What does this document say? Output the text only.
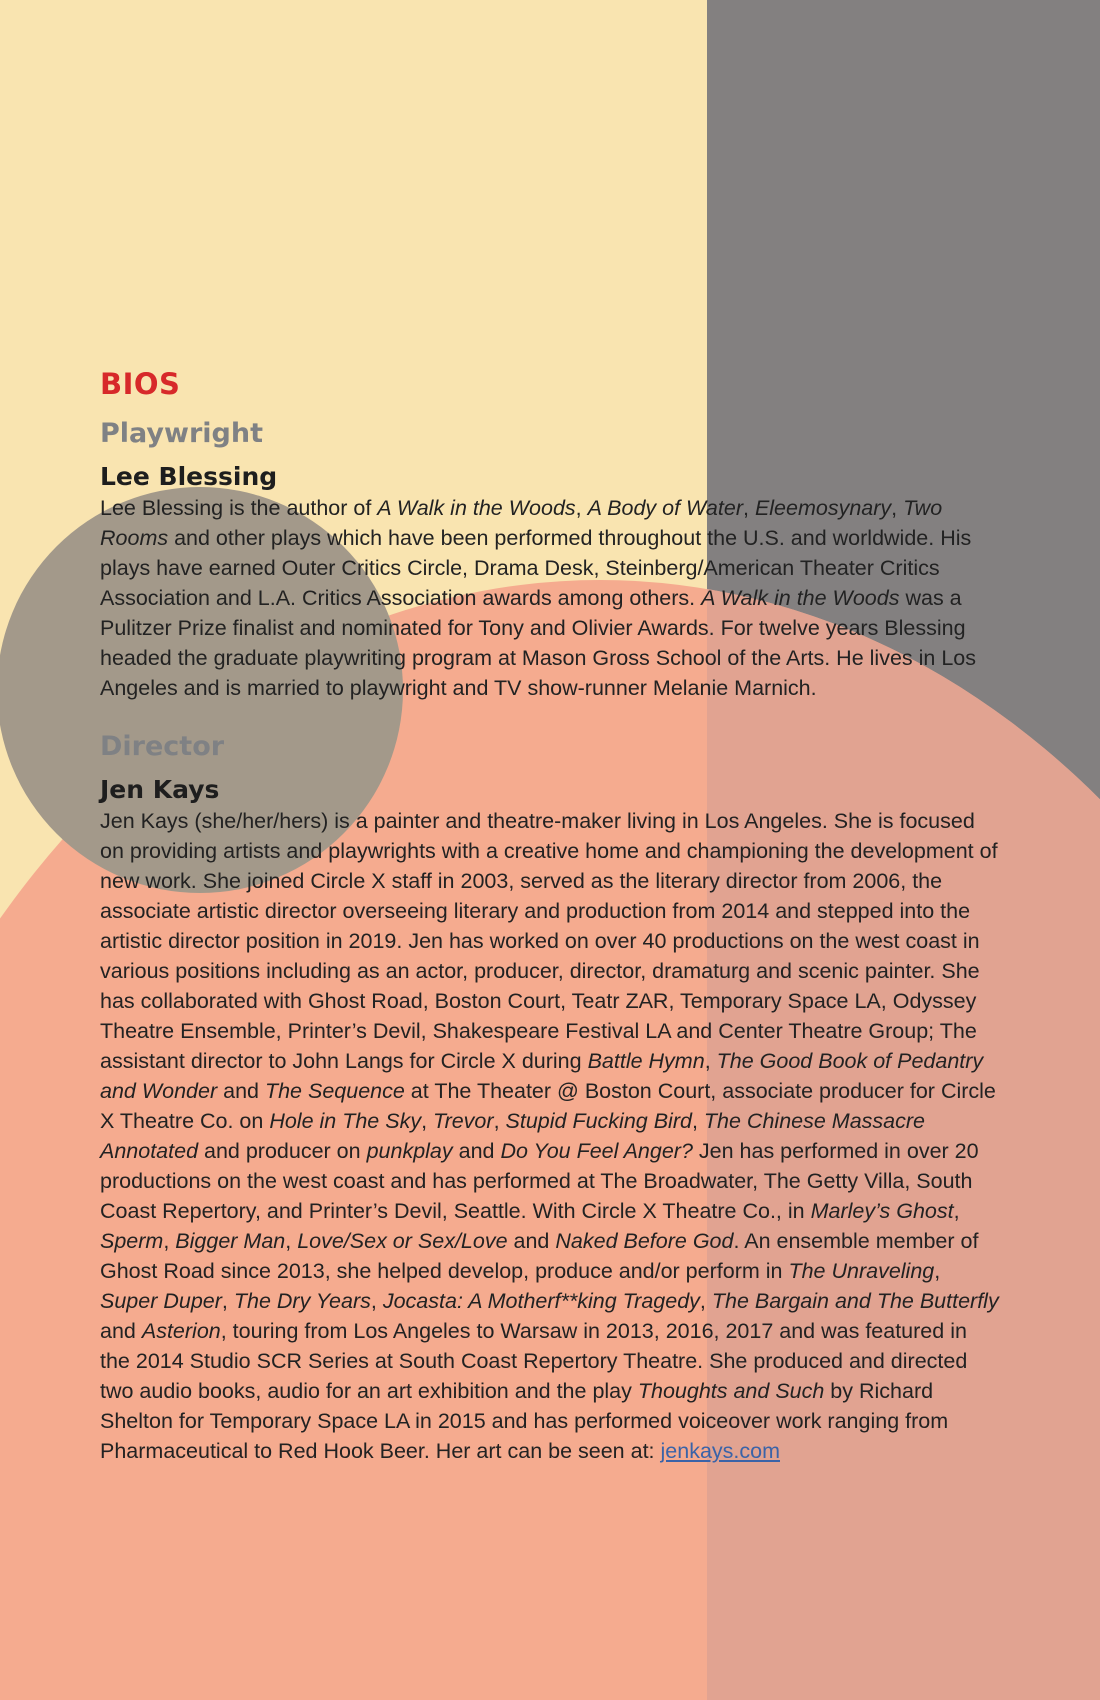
BIOS
Playwright
Lee Blessing

Lee Blessing is the author of A Walk in the Woods, A Body of Water, Eleemosynary, Two Rooms and other plays which have been performed throughout the U.S. and worldwide. His plays have earned Outer Critics Circle, Drama Desk, Steinberg/American Theater Critics Association and L.A. Critics Association awards among others. A Walk in the Woods was a Pulitzer Prize finalist and nominated for Tony and Olivier Awards. For twelve years Blessing headed the graduate playwriting program at Mason Gross School of the Arts. He lives in Los Angeles and is married to playwright and TV show-runner Melanie Marnich.

Director
Jen Kays

Jen Kays (she/her/hers) is a painter and theatre-maker living in Los Angeles. She is focused on providing artists and playwrights with a creative home and championing the development of new work. She joined Circle X staff in 2003, served as the literary director from 2006, the associate artistic director overseeing literary and production from 2014 and stepped into the artistic director position in 2019. Jen has worked on over 40 productions on the west coast in various positions including as an actor, producer, director, dramaturg and scenic painter. She has collaborated with Ghost Road, Boston Court, Teatr ZAR, Temporary Space LA, Odyssey Theatre Ensemble, Printer’s Devil, Shakespeare Festival LA and Center Theatre Group; The assistant director to John Langs for Circle X during Battle Hymn, The Good Book of Pedantry and Wonder and The Sequence at The Theater @ Boston Court, associate producer for Circle X Theatre Co. on Hole in The Sky, Trevor, Stupid Fucking Bird, The Chinese Massacre Annotated and producer on punkplay and Do You Feel Anger? Jen has performed in over 20 productions on the west coast and has performed at The Broadwater, The Getty Villa, South Coast Repertory, and Printer’s Devil, Seattle. With Circle X Theatre Co., in Marley’s Ghost, Sperm, Bigger Man, Love/Sex or Sex/Love and Naked Before God. An ensemble member of Ghost Road since 2013, she helped develop, produce and/or perform in The Unraveling, Super Duper, The Dry Years, Jocasta: A Motherf**king Tragedy, The Bargain and The Butterfly and Asterion, touring from Los Angeles to Warsaw in 2013, 2016, 2017 and was featured in the 2014 Studio SCR Series at South Coast Repertory Theatre. She produced and directed two audio books, audio for an art exhibition and the play Thoughts and Such by Richard Shelton for Temporary Space LA in 2015 and has performed voiceover work ranging from Pharmaceutical to Red Hook Beer. Her art can be seen at: jenkays.com
